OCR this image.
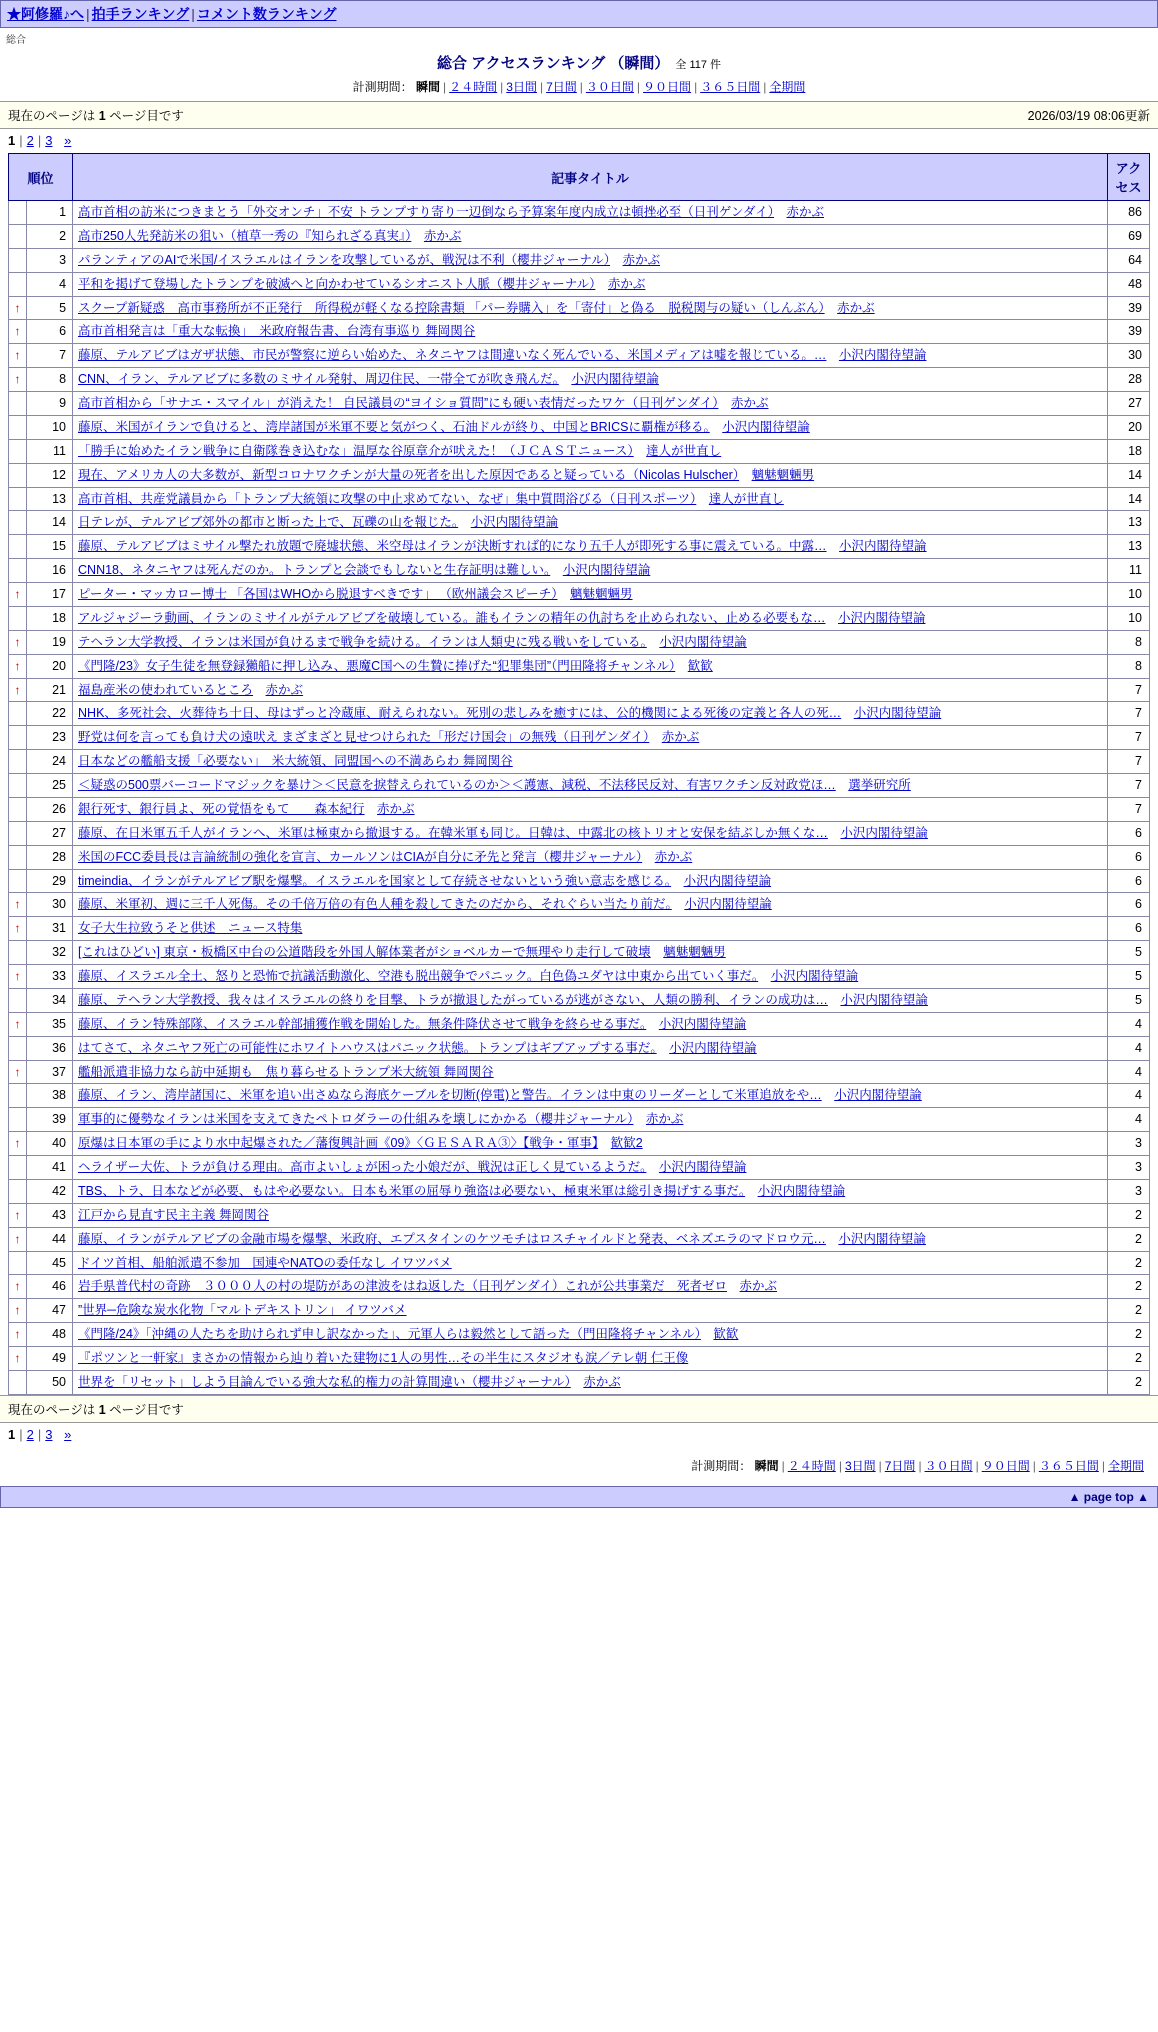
★阿修羅♪へ | 拍手ランキング | コメント数ランキング
総合
総合 アクセスランキング （瞬間） 全 117 件
計測期間： 瞬間 | ２４時間 | 3日間 | 7日間 | ３０日間 | ９０日間 | ３６５日間 | 全期間
現在のページは 1 ページ目です	2026/03/19 08:06更新
1 | 2 | 3 »
順位		記事タイトル	アクセス
	1	高市首相の訪米につきまとう「外交オンチ」不安 トランプすり寄り一辺倒なら予算案年度内成立は頓挫必至（日刊ゲンダイ）　 赤かぶ	86
	2	高市250人先発訪米の狙い（植草一秀の『知られざる真実』）　 赤かぶ	69
	3	パランティアのAIで米国/イスラエルはイランを攻撃しているが、戦況は不利（櫻井ジャーナル）　 赤かぶ	64
	4	平和を掲げて登場したトランプを破滅へと向かわせているシオニスト人脈（櫻井ジャーナル）　 赤かぶ	48
↑	5	スクープ新疑惑　高市事務所が不正発行　所得税が軽くなる控除書類 「パー券購入」を「寄付」と偽る　脱税関与の疑い（しんぶん）　 赤かぶ	39
↑	6	高市首相発言は「重大な転換」　米政府報告書、台湾有事巡り 舞岡関谷	39
↑	7	藤原、テルアビブはガザ状態、市民が警察に逆らい始めた、ネタニヤフは間違いなく死んでいる、米国メディアは嘘を報じている。…　 小沢内閣待望論	30
↑	8	CNN、イラン、テルアビブに多数のミサイル発射、周辺住民、一帯全てが吹き飛んだ。　 小沢内閣待望論	28
	9	高市首相から「サナエ・スマイル」が消えた！ 自民議員の“ヨイショ質問”にも硬い表情だったワケ（日刊ゲンダイ）　 赤かぶ	27
	10	藤原、米国がイランで負けると、湾岸諸国が米軍不要と気がつく、石油ドルが終り、中国とBRICSに覇権が移る。　 小沢内閣待望論	20
	11	「勝手に始めたイラン戦争に自衛隊巻き込むな」温厚な谷原章介が吠えた！（ＪＣＡＳＴニュース）　 達人が世直し	18
	12	現在、アメリカ人の大多数が、新型コロナワクチンが大量の死者を出した原因であると疑っている（Nicolas Hulscher）　 魑魅魍魎男	14
	13	高市首相、共産党議員から「トランプ大統領に攻撃の中止求めてない、なぜ」集中質問浴びる（日刊スポーツ）　 達人が世直し	14
	14	日テレが、テルアビブ郊外の都市と断った上で、瓦礫の山を報じた。　 小沢内閣待望論	13
	15	藤原、テルアビブはミサイル撃たれ放題で廃墟状態、米空母はイランが決断すれば的になり五千人が即死する事に震えている。中露…　 小沢内閣待望論	13
	16	CNN18、ネタニヤフは死んだのか。トランプと会談でもしないと生存証明は難しい。　 小沢内閣待望論	11
↑	17	ピーター・マッカロー博士 「各国はWHOから脱退すべきです」 （欧州議会スピーチ）　 魑魅魍魎男	10
	18	アルジャジーラ動画、イランのミサイルがテルアビブを破壊している。誰もイランの精年の仇討ちを止められない、止める必要もな…　 小沢内閣待望論	10
↑	19	テヘラン大学教授、イランは米国が負けるまで戦争を続ける。イランは人類史に残る戦いをしている。　 小沢内閣待望論	8
↑	20	《門隆/23》女子生徒を無登録獺船に押し込み、悪魔C国への生贄に捧げた“犯罪集団”（門田隆将チャンネル）　 歓歓	8
↑	21	福島産米の使われているところ　 赤かぶ	7
	22	NHK、多死社会、火葬待ち十日、母はずっと冷蔵庫、耐えられない。死別の悲しみを癒すには、公的機関による死後の定義と各人の死…　 小沢内閣待望論	7
	23	野党は何を言っても負け犬の遠吠え まざまざと見せつけられた「形だけ国会」の無残（日刊ゲンダイ）　 赤かぶ	7
	24	日本などの艦船支援「必要ない」　米大統領、同盟国への不満あらわ 舞岡関谷	7
	25	＜疑惑の500票バーコードマジックを暴け＞＜民意を捩替えられているのか＞＜護憲、減税、不法移民反対、有害ワクチン反対政党ほ…　 選挙研究所	7
	26	銀行死す、銀行員よ、死の覚悟をもて　　森本紀行　 赤かぶ	7
	27	藤原、在日米軍五千人がイランへ、米軍は極東から撤退する。在韓米軍も同じ。日韓は、中露北の核トリオと安保を結ぶしか無くな…　 小沢内閣待望論	6
	28	米国のFCC委員長は言論統制の強化を宣言、カールソンはCIAが自分に矛先と発言（櫻井ジャーナル）　 赤かぶ	6
	29	timeindia、イランがテルアビブ駅を爆撃。イスラエルを国家として存続させないという強い意志を感じる。　 小沢内閣待望論	6
↑	30	藤原、米軍初、週に三千人死傷。その千倍万倍の有色人種を殺してきたのだから、それぐらい当たり前だ。　 小沢内閣待望論	6
↑	31	女子大生拉致うそと供述　ニュース特集	6
	32	[これはひどい] 東京・板橋区中台の公道階段を外国人解体業者がショベルカーで無理やり走行して破壊　 魑魅魍魎男	5
↑	33	藤原、イスラエル全土、怒りと恐怖で抗議活動激化、空港も脱出競争でパニック。白色偽ユダヤは中東から出ていく事だ。　 小沢内閣待望論	5
	34	藤原、テヘラン大学教授、我々はイスラエルの終りを目撃、トラが撤退したがっているが逃がさない、人類の勝利、イランの成功は…　 小沢内閣待望論	5
↑	35	藤原、イラン特殊部隊、イスラエル幹部捕獲作戦を開始した。無条件降伏させて戦争を終らせる事だ。　 小沢内閣待望論	4
	36	はてさて、ネタニヤフ死亡の可能性にホワイトハウスはパニック状態。トランプはギブアップする事だ。　 小沢内閣待望論	4
↑	37	艦船派遣非協力なら訪中延期も　焦り暮らせるトランプ米大統領 舞岡関谷	4
	38	藤原、イラン、湾岸諸国に、米軍を追い出さぬなら海底ケーブルを切断(停電)と警告。イランは中東のリーダーとして米軍追放をや…　 小沢内閣待望論	4
	39	軍事的に優勢なイランは米国を支えてきたペトロダラーの仕組みを壊しにかかる（櫻井ジャーナル）　 赤かぶ	4
↑	40	原爆は日本軍の手により水中起爆された／藩復興計画《09》〈ＧＥＳＡＲＡ③〉【戦争・軍事】　 歓歓2	3
	41	ヘライザー大佐、トラが負ける理由。高市よいしょが困った小娘だが、戦況は正しく見ているようだ。　 小沢内閣待望論	3
	42	TBS、トラ、日本などが必要、もはや必要ない。日本も米軍の屈辱り強盗は必要ない、極東米軍は総引き揚げする事だ。　 小沢内閣待望論	3
↑	43	江戸から見直す民主主義 舞岡関谷	2
↑	44	藤原、イランがテルアビブの金融市場を爆撃、米政府、エプスタインのケツモチはロスチャイルドと発表、ベネズエラのマドロウ元…　 小沢内閣待望論	2
	45	ドイツ首相、船舶派遣不参加　国連やNATOの委任なし イワツバメ	2
↑	46	岩手県普代村の奇跡　３０００人の村の堤防があの津波をはね返した（日刊ゲンダイ）これが公共事業だ　死者ゼロ　 赤かぶ	2
↑	47	”世界─危険な炭水化物「マルトデキストリン」 イワツバメ	2
↑	48	《門隆/24》「沖縄の人たちを助けられず申し訳なかった」、元軍人らは毅然として語った（門田隆将チャンネル）　 歓歓	2
↑	49	『ポツンと一軒家』まさかの情報から辿り着いた建物に1人の男性…その半生にスタジオも涙／テレ朝 仁王像	2
	50	世界を「リセット」しよう目論んでいる強大な私的権力の計算間違い（櫻井ジャーナル）　 赤かぶ	2
現在のページは 1 ページ目です
1 | 2 | 3 »
計測期間： 瞬間 | ２４時間 | 3日間 | 7日間 | ３０日間 | ９０日間 | ３６５日間 | 全期間
▲ page top ▲
